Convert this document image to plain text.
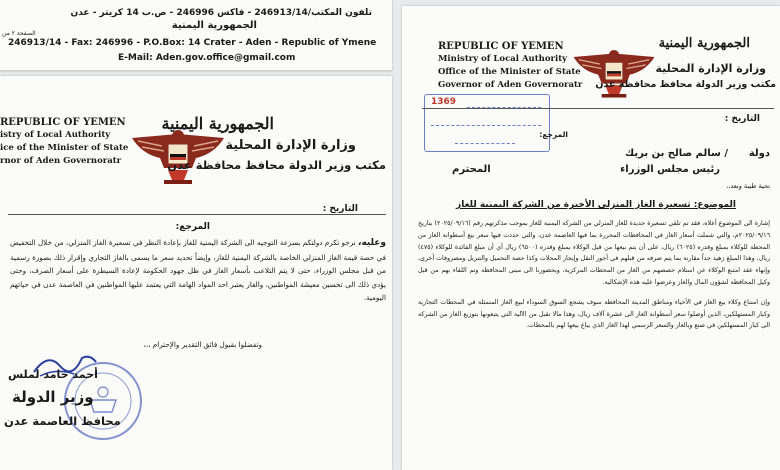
تلفون المكتب/246913/14 - فاكس 246996 - ص.ب 14 كريتر - عدن
الجمهورية اليمنية
الصفحة ٢ من
246913/14 - Fax: 246996 - P.O.Box: 14 Crater - Aden - Republic of Ymene
E-Mail: Aden.gov.office@gmail.com
REPUBLIC OF YEMEN
istry of Local Authority
ice of the Minister of State
rnor of Aden Governoratr
الجمهورية اليمنية
وزارة الإدارة المحلية
مكتب وزير الدولة محافظ محافظة عدن
التاريخ :
المرجع:

وعليه، نرجو تكرم دولتكم بسرعة التوجيه الى الشركة اليمنية للغاز بإعادة النظر في تسعيرة الغاز المنزلي، من خلال التخفيض في حصة قيمة الغاز المنزلي الخاصة بالشركة اليمنية للغاز، وإيضاً تحديد سعر ما يسمى بالغاز التجاري وإقرار ذلك بصورة رسمية من قبل مجلس الوزراء، حتى لا يتم التلاعب بأسعار الغاز في ظل جهود الحكومة لإعادة السيطرة على أسعار الصرف، وحتى يؤدي ذلك الى تحسين معيشة المواطنين، والغاز يعتبر احد المواد الهامة التي يعتمد عليها المواطنين في العاصمة عدن في حياتهم اليومية.

وتفضلوا بقبول فائق التقدير والإحترام ،،،
أحمد حامد لملس
وزير الدولة
محافظ العاصمة عدن
REPUBLIC OF YEMEN
Ministry of Local Authority
Office of the Minister of State
Governor of Aden Governoratr
الجمهورية اليمنية
وزارة الإدارة المحلية
مكتب وزير الدولة محافظ محافظة عدن
1369
التاريخ :
المرجع:
دولة
/ سالم صالح بن بريك
رئيس مجلس الوزراء
المحترم
تحية طيبة وبعد،،
الموضوع: تسعيرة الغاز المنزلي الأخيرة من الشركة اليمنية للغاز

إشارة الى الموضوع أعلاه، فقد تم تلقي تسعيرة جديدة للغاز المنزلي من الشركة اليمنية للغاز بموجب مذكرتهم رقم (٢٠٢٥/٠٩/١٦) بتاريخ ٢٠٢٥/٠٩/١٦م، والتي شملت أسعار الغاز في المحافظات المحررة بما فيها العاصمة عدن، والتي حددت فيها سعر بيع أسطوانة الغاز من المحطة للوكلاء بمبلغ وقدره (٦٠٢٥) ريال، على أن يتم بيعها من قبل الوكلاء بمبلغ وقدره (٦٥٠٠) ريال أي أن مبلغ الفائدة للوكلاء (٤٧٥) ريال، وهذا المبلغ زهيد جداً مقارنة بما يتم صرفه من قبلهم في أجور النقل وإيجار المحلات وكذا حصة التحميل والتنزيل ومصروفات أخرى، وإنهاء عقد امتنع الوكلاء عن استلام حصصهم من الغاز من المحطات المركزية، وبحضورنا الى مبنى المحافظة وتم اللقاء بهم من قبل وكيل المحافظة لشؤون المال والغاز وعرضوا عليه هذه الإشكالية.

وإن امتناع وكلاء بيع الغاز في الأحياء ومناطق المدينة المحافظة سوف يشجع السوق السوداء لبيع الغاز المتمثلة في المحطات التجارية وكبار المستهلكين، الذين أوصلوا سعر أسطوانة الغاز الى عشرة آلاف ريال، وهذا مالا تقبل من الآلية التي يتبعونها بتوزيع الغاز من الشركة الى كبار المستهلكين في صنع وبالغاز والسعر الرسمي لهذا الغاز الذي يباع بيعها لهم بالمحطات.
